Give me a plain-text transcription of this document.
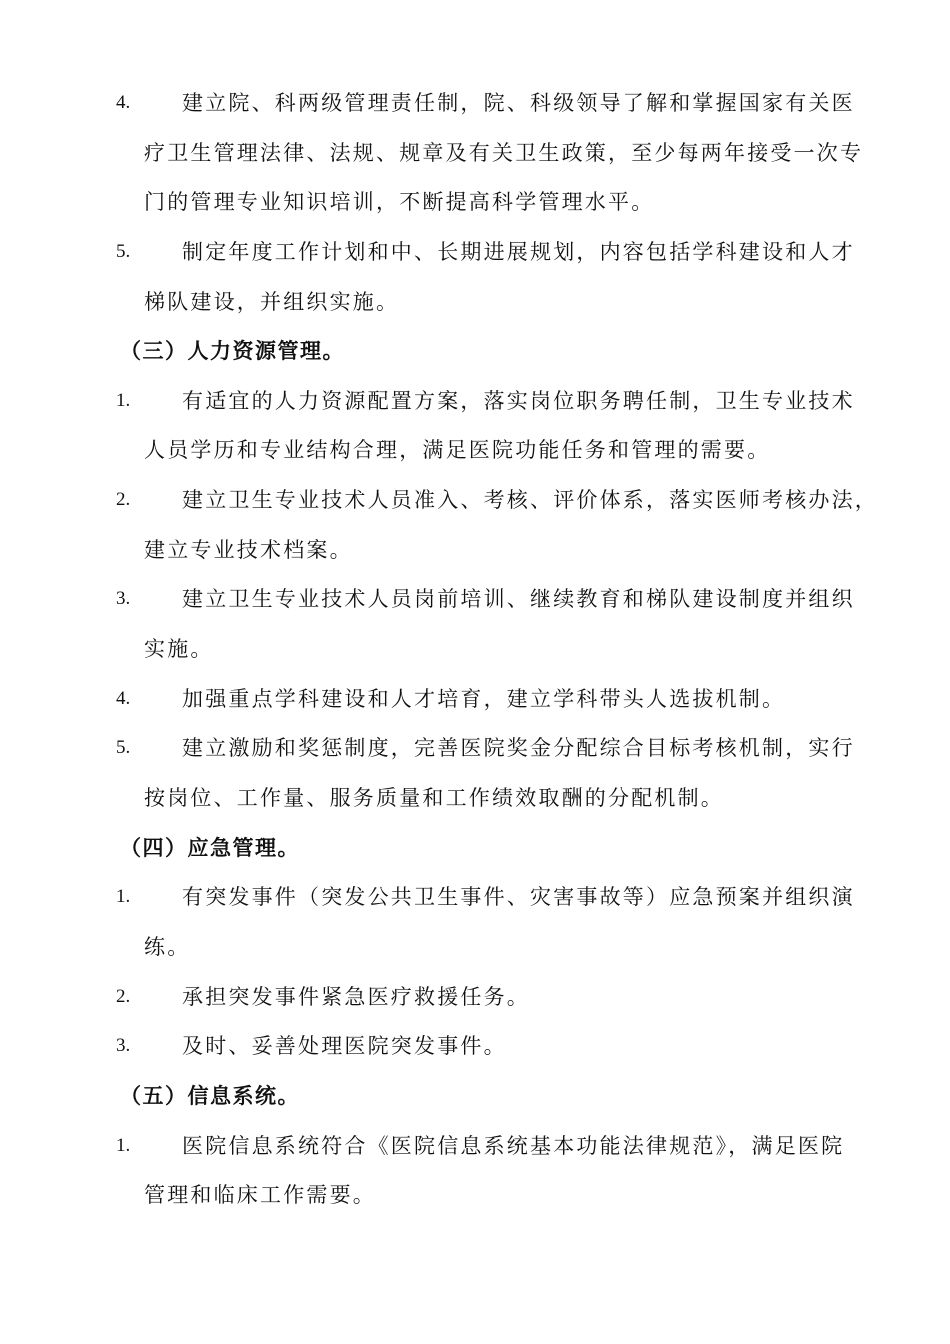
4. 建立院、科两级管理责任制，院、科级领导了解和掌握国家有关医
疗卫生管理法律、法规、规章及有关卫生政策，至少每两年接受一次专
门的管理专业知识培训，不断提高科学管理水平。
5. 制定年度工作计划和中、长期进展规划，内容包括学科建设和人才
梯队建设，并组织实施。
（三）人力资源管理。
1. 有适宜的人力资源配置方案，落实岗位职务聘任制，卫生专业技术
人员学历和专业结构合理，满足医院功能任务和管理的需要。
2. 建立卫生专业技术人员准入、考核、评价体系，落实医师考核办法，
建立专业技术档案。
3. 建立卫生专业技术人员岗前培训、继续教育和梯队建设制度并组织
实施。
4. 加强重点学科建设和人才培育，建立学科带头人选拔机制。
5. 建立激励和奖惩制度，完善医院奖金分配综合目标考核机制，实行
按岗位、工作量、服务质量和工作绩效取酬的分配机制。
（四）应急管理。
1. 有突发事件（突发公共卫生事件、灾害事故等）应急预案并组织演
练。
2. 承担突发事件紧急医疗救援任务。
3. 及时、妥善处理医院突发事件。
（五）信息系统。
1. 医院信息系统符合《医院信息系统基本功能法律规范》，满足医院
管理和临床工作需要。
